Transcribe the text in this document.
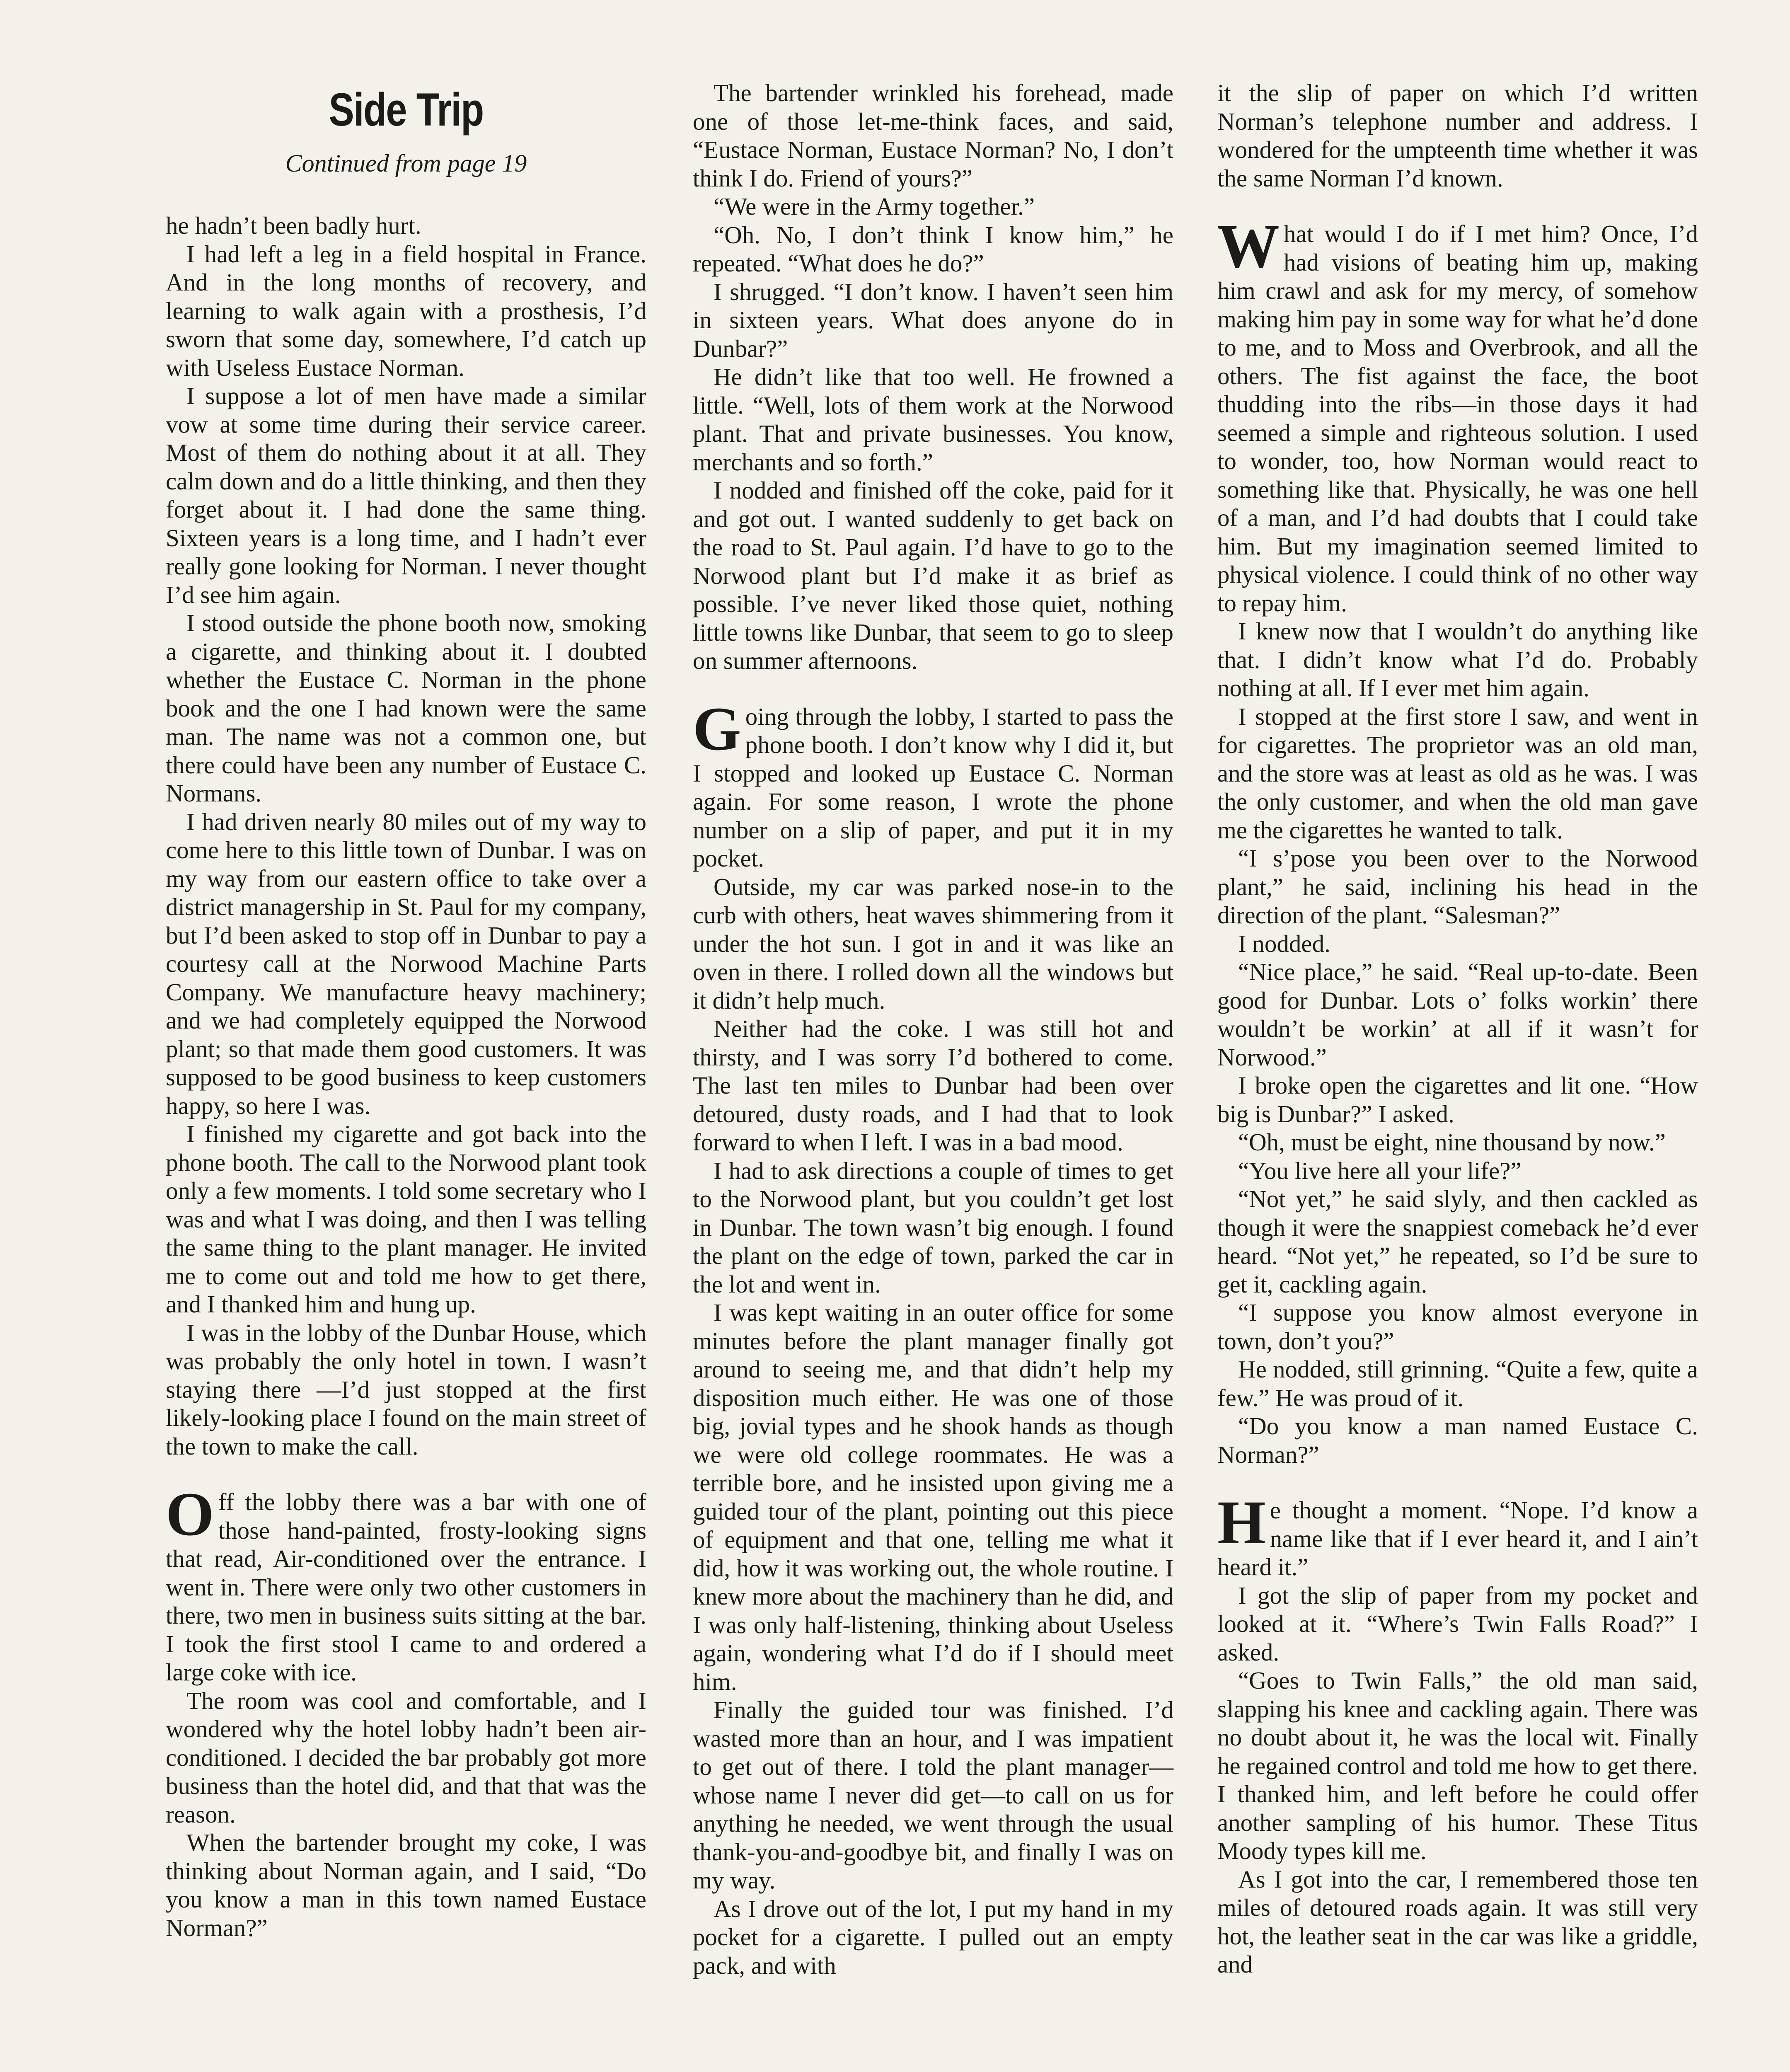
Side Trip
Continued from page 19

he hadn’t been badly hurt.

I had left a leg in a field hospital in France. And in the long months of recovery, and learning to walk again with a prosthesis, I’d sworn that some day, somewhere, I’d catch up with Useless Eustace Norman.

I suppose a lot of men have made a similar vow at some time during their service career. Most of them do nothing about it at all. They calm down and do a little thinking, and then they forget about it. I had done the same thing. Sixteen years is a long time, and I hadn’t ever really gone looking for Norman. I never thought I’d see him again.

I stood outside the phone booth now, smoking a cigarette, and thinking about it. I doubted whether the Eustace C. Norman in the phone book and the one I had known were the same man. The name was not a common one, but there could have been any number of Eustace C. Normans.

I had driven nearly 80 miles out of my way to come here to this little town of Dunbar. I was on my way from our eastern office to take over a district managership in St. Paul for my company, but I’d been asked to stop off in Dunbar to pay a courtesy call at the Norwood Machine Parts Company. We manufacture heavy machinery; and we had completely equipped the Norwood plant; so that made them good customers. It was supposed to be good business to keep customers happy, so here I was.

I finished my cigarette and got back into the phone booth. The call to the Norwood plant took only a few moments. I told some secretary who I was and what I was doing, and then I was telling the same thing to the plant manager. He invited me to come out and told me how to get there, and I thanked him and hung up.

I was in the lobby of the Dunbar House, which was probably the only hotel in town. I wasn’t staying there —I’d just stopped at the first likely-looking place I found on the main street of the town to make the call.

Off the lobby there was a bar with one of those hand-painted, frosty-looking signs that read, Air-conditioned over the entrance. I went in. There were only two other customers in there, two men in business suits sitting at the bar. I took the first stool I came to and ordered a large coke with ice.

The room was cool and comfortable, and I wondered why the hotel lobby hadn’t been air-conditioned. I decided the bar probably got more business than the hotel did, and that that was the reason.

When the bartender brought my coke, I was thinking about Norman again, and I said, “Do you know a man in this town named Eustace Norman?”

The bartender wrinkled his forehead, made one of those let-me-think faces, and said, “Eustace Norman, Eustace Norman? No, I don’t think I do. Friend of yours?”

“We were in the Army together.”

“Oh. No, I don’t think I know him,” he repeated. “What does he do?”

I shrugged. “I don’t know. I haven’t seen him in sixteen years. What does anyone do in Dunbar?”

He didn’t like that too well. He frowned a little. “Well, lots of them work at the Norwood plant. That and private businesses. You know, merchants and so forth.”

I nodded and finished off the coke, paid for it and got out. I wanted suddenly to get back on the road to St. Paul again. I’d have to go to the Norwood plant but I’d make it as brief as possible. I’ve never liked those quiet, nothing little towns like Dunbar, that seem to go to sleep on summer afternoons.

Going through the lobby, I started to pass the phone booth. I don’t know why I did it, but I stopped and looked up Eustace C. Norman again. For some reason, I wrote the phone number on a slip of paper, and put it in my pocket.

Outside, my car was parked nose-in to the curb with others, heat waves shimmering from it under the hot sun. I got in and it was like an oven in there. I rolled down all the windows but it didn’t help much.

Neither had the coke. I was still hot and thirsty, and I was sorry I’d bothered to come. The last ten miles to Dunbar had been over detoured, dusty roads, and I had that to look forward to when I left. I was in a bad mood.

I had to ask directions a couple of times to get to the Norwood plant, but you couldn’t get lost in Dunbar. The town wasn’t big enough. I found the plant on the edge of town, parked the car in the lot and went in.

I was kept waiting in an outer office for some minutes before the plant manager finally got around to seeing me, and that didn’t help my disposition much either. He was one of those big, jovial types and he shook hands as though we were old college roommates. He was a terrible bore, and he insisted upon giving me a guided tour of the plant, pointing out this piece of equipment and that one, telling me what it did, how it was working out, the whole routine. I knew more about the machinery than he did, and I was only half-listening, thinking about Useless again, wondering what I’d do if I should meet him.

Finally the guided tour was finished. I’d wasted more than an hour, and I was impatient to get out of there. I told the plant manager—whose name I never did get—to call on us for anything he needed, we went through the usual thank-you-and-goodbye bit, and finally I was on my way.

As I drove out of the lot, I put my hand in my pocket for a cigarette. I pulled out an empty pack, and with

it the slip of paper on which I’d written Norman’s telephone number and address. I wondered for the umpteenth time whether it was the same Norman I’d known.

What would I do if I met him? Once, I’d had visions of beating him up, making him crawl and ask for my mercy, of somehow making him pay in some way for what he’d done to me, and to Moss and Overbrook, and all the others. The fist against the face, the boot thudding into the ribs—in those days it had seemed a simple and righteous solution. I used to wonder, too, how Norman would react to something like that. Physically, he was one hell of a man, and I’d had doubts that I could take him. But my imagination seemed limited to physical violence. I could think of no other way to repay him.

I knew now that I wouldn’t do anything like that. I didn’t know what I’d do. Probably nothing at all. If I ever met him again.

I stopped at the first store I saw, and went in for cigarettes. The proprietor was an old man, and the store was at least as old as he was. I was the only customer, and when the old man gave me the cigarettes he wanted to talk.

“I s’pose you been over to the Norwood plant,” he said, inclining his head in the direction of the plant. “Salesman?”

I nodded.

“Nice place,” he said. “Real up-to-date. Been good for Dunbar. Lots o’ folks workin’ there wouldn’t be workin’ at all if it wasn’t for Norwood.”

I broke open the cigarettes and lit one. “How big is Dunbar?” I asked.

“Oh, must be eight, nine thousand by now.”

“You live here all your life?”

“Not yet,” he said slyly, and then cackled as though it were the snappiest comeback he’d ever heard. “Not yet,” he repeated, so I’d be sure to get it, cackling again.

“I suppose you know almost everyone in town, don’t you?”

He nodded, still grinning. “Quite a few, quite a few.” He was proud of it.

“Do you know a man named Eustace C. Norman?”

He thought a moment. “Nope. I’d know a name like that if I ever heard it, and I ain’t heard it.”

I got the slip of paper from my pocket and looked at it. “Where’s Twin Falls Road?” I asked.

“Goes to Twin Falls,” the old man said, slapping his knee and cackling again. There was no doubt about it, he was the local wit. Finally he regained control and told me how to get there. I thanked him, and left before he could offer another sampling of his humor. These Titus Moody types kill me.

As I got into the car, I remembered those ten miles of detoured roads again. It was still very hot, the leather seat in the car was like a griddle, and
